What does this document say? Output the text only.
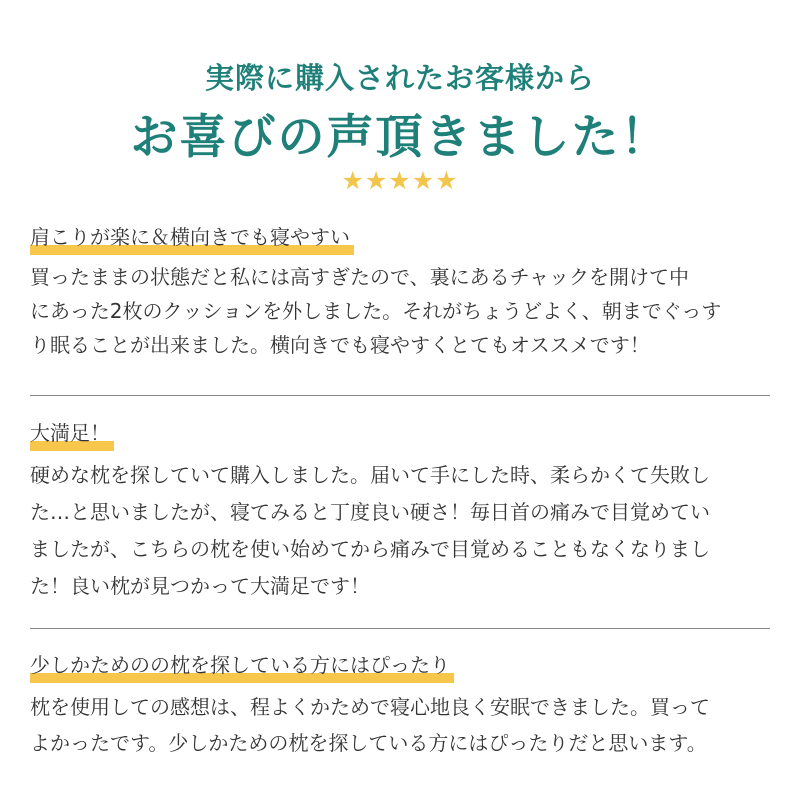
実際に購入されたお客様から
お喜びの声頂きました！
★★★★★
肩こりが楽に＆横向きでも寝やすい

買ったままの状態だと私には高すぎたので、裏にあるチャックを開けて中

にあった2枚のクッションを外しました。それがちょうどよく、朝までぐっす

り眠ることが出来ました。横向きでも寝やすくとてもオススメです！

大満足！

硬めな枕を探していて購入しました。届いて手にした時、柔らかくて失敗し

た…と思いましたが、寝てみると丁度良い硬さ！毎日首の痛みで目覚めてい

ましたが、こちらの枕を使い始めてから痛みで目覚めることもなくなりまし

た！良い枕が見つかって大満足です！

少しかためのの枕を探している方にはぴったり

枕を使用しての感想は、程よくかためで寝心地良く安眠できました。買って

よかったです。少しかための枕を探している方にはぴったりだと思います。
